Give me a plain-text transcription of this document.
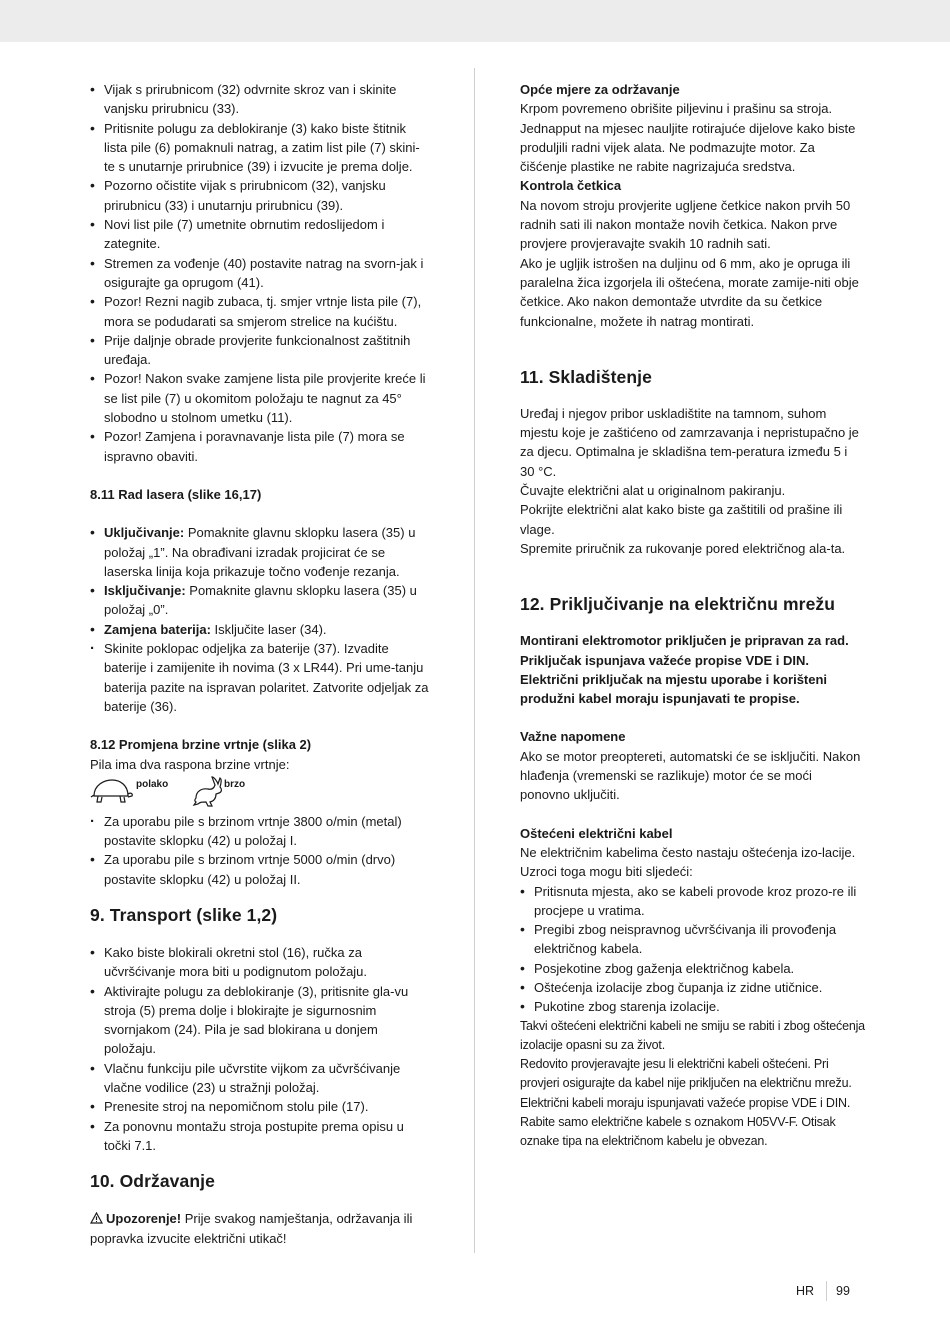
• Vijak s prirubnicom (32) odvrnite skroz van i skinite vanjsku prirubnicu (33).
• Pritisnite polugu za deblokiranje (3) kako biste štitnik lista pile (6) pomaknuli natrag, a zatim list pile (7) skini-te s unutarnje prirubnice (39) i izvucite je prema dolje.
• Pozorno očistite vijak s prirubnicom (32), vanjsku prirubnicu (33) i unutarnju prirubnicu (39).
• Novi list pile (7) umetnite obrnutim redoslijedom i zategnite.
• Stremen za vođenje (40) postavite natrag na svorn-jak i osigurajte ga oprugom (41).
• Pozor! Rezni nagib zubaca, tj. smjer vrtnje lista pile (7), mora se podudarati sa smjerom strelice na kućištu.
• Prije daljnje obrade provjerite funkcionalnost zaštitnih uređaja.
• Pozor! Nakon svake zamjene lista pile provjerite kreće li se list pile (7) u okomitom položaju te nagnut za 45° slobodno u stolnom umetku (11).
• Pozor! Zamjena i poravnavanje lista pile (7) mora se ispravno obaviti.

8.11 Rad lasera (slike 16,17)

• Uključivanje: Pomaknite glavnu sklopku lasera (35) u položaj „1”. Na obrađivani izradak projicirat će se laserska linija koja prikazuje točno vođenje rezanja.
• Isključivanje: Pomaknite glavnu sklopku lasera (35) u položaj „0”.
• Zamjena baterija: Isključite laser (34).
· Skinite poklopac odjeljka za baterije (37). Izvadite baterije i zamijenite ih novima (3 x LR44). Pri ume-tanju baterija pazite na ispravan polaritet. Zatvorite odjeljak za baterije (36).

8.12 Promjena brzine vrtnje (slika 2)

Pila ima dva raspona brzine vrtnje:

polako	brzo
· Za uporabu pile s brzinom vrtnje 3800 o/min (metal) postavite sklopku (42) u položaj I.
• Za uporabu pile s brzinom vrtnje 5000 o/min (drvo) postavite sklopku (42) u položaj II.
9. Transport (slike 1,2)
• Kako biste blokirali okretni stol (16), ručka za učvršćivanje mora biti u podignutom položaju.
• Aktivirajte polugu za deblokiranje (3), pritisnite gla-vu stroja (5) prema dolje i blokirajte je sigurnosnim svornjakom (24). Pila je sad blokirana u donjem položaju.
• Vlačnu funkciju pile učvrstite vijkom za učvršćivanje vlačne vodilice (23) u stražnji položaj.
• Prenesite stroj na nepomičnom stolu pile (17).
• Za ponovnu montažu stroja postupite prema opisu u točki 7.1.
10. Održavanje

Upozorenje! Prije svakog namještanja, održavanja ili popravka izvucite električni utikač!

Opće mjere za održavanje

Krpom povremeno obrišite piljevinu i prašinu sa stroja. Jednapput na mjesec nauljite rotirajuće dijelove kako biste produljili radni vijek alata. Ne podmazujte motor. Za čišćenje plastike ne rabite nagrizajuća sredstva.

Kontrola četkica

Na novom stroju provjerite ugljene četkice nakon prvih 50 radnih sati ili nakon montaže novih četkica. Nakon prve provjere provjeravajte svakih 10 radnih sati.

Ako je ugljik istrošen na duljinu od 6 mm, ako je opruga ili paralelna žica izgorjela ili oštećena, morate zamije-niti obje četkice. Ako nakon demontaže utvrdite da su četkice funkcionalne, možete ih natrag montirati.

11. Skladištenje

Uređaj i njegov pribor uskladištite na tamnom, suhom mjestu koje je zaštićeno od zamrzavanja i nepristupačno je za djecu. Optimalna je skladišna tem-peratura između 5 i 30 °C.

Čuvajte električni alat u originalnom pakiranju.

Pokrijte električni alat kako biste ga zaštitili od prašine ili vlage.

Spremite priručnik za rukovanje pored električnog ala-ta.

12. Priključivanje na električnu mrežu

Montirani elektromotor priključen je pripravan za rad. Priključak ispunjava važeće propise VDE i DIN. Električni priključak na mjestu uporabe i korišteni produžni kabel moraju ispunjavati te propise.

Važne napomene

Ako se motor preoptereti, automatski će se isključiti. Nakon hlađenja (vremenski se razlikuje) motor će se moći ponovno uključiti.

Oštećeni električni kabel

Ne električnim kabelima često nastaju oštećenja izo-lacije.

Uzroci toga mogu biti sljedeći:

• Pritisnuta mjesta, ako se kabeli provode kroz prozo-re ili procjepe u vratima.
• Pregibi zbog neispravnog učvršćivanja ili provođenja električnog kabela.
• Posjekotine zbog gaženja električnog kabela.
• Oštećenja izolacije zbog čupanja iz zidne utičnice.
• Pukotine zbog starenja izolacije.

Takvi oštećeni električni kabeli ne smiju se rabiti i zbog oštećenja izolacije opasni su za život.

Redovito provjeravajte jesu li električni kabeli oštećeni. Pri provjeri osigurajte da kabel nije priključen na električnu mrežu.

Električni kabeli moraju ispunjavati važeće propise VDE i DIN. Rabite samo električne kabele s oznakom H05VV-F. Otisak oznake tipa na električnom kabelu je obvezan.

HR 99
